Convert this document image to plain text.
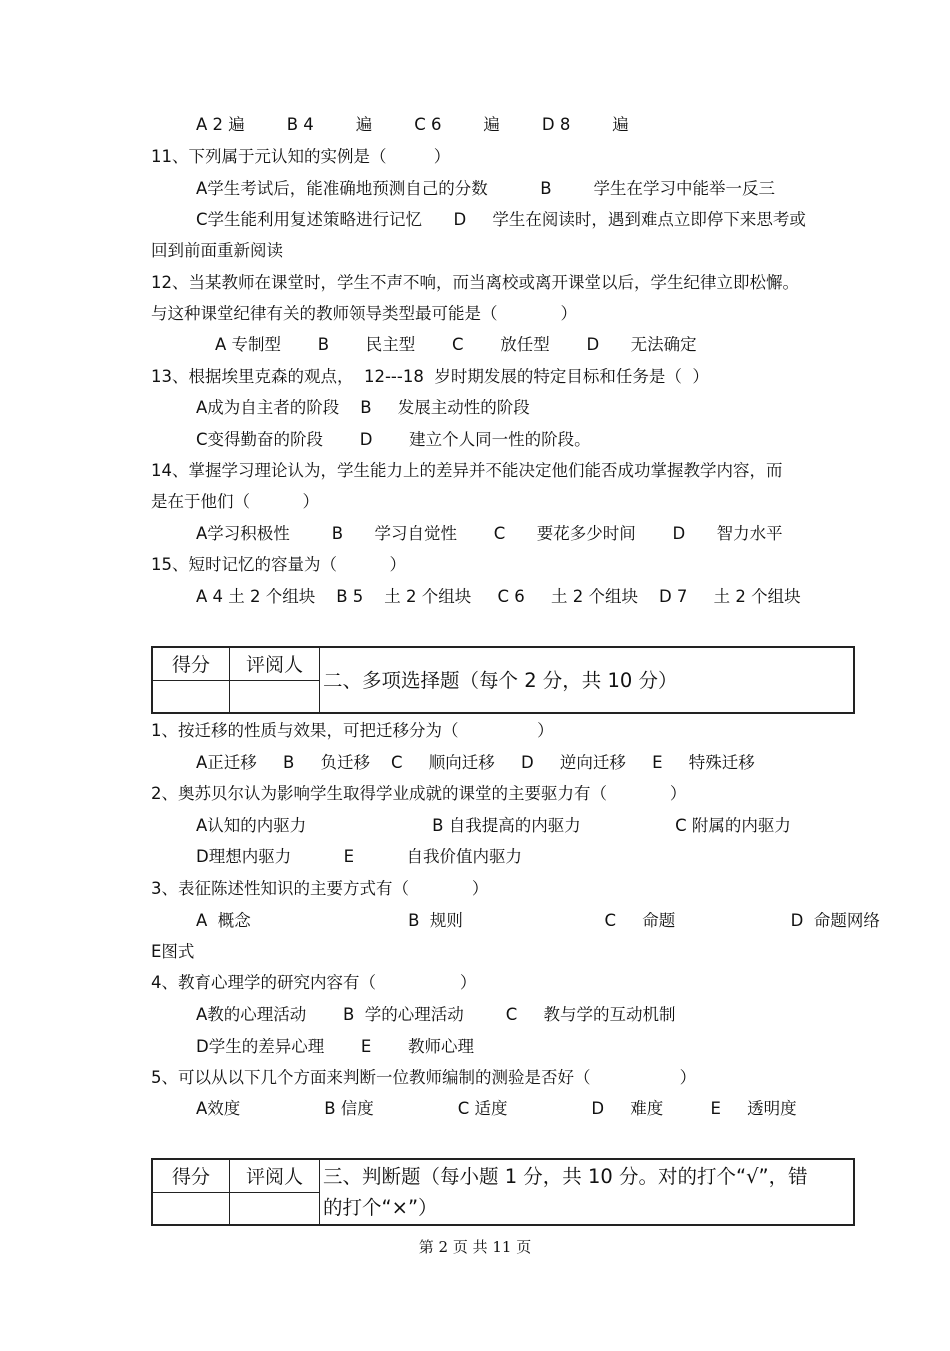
A 2 遍        B 4        遍        C 6        遍        D 8        遍
11、下列属于元认知的实例是（         ）
A学生考试后，能准确地预测自己的分数          B        学生在学习中能举一反三
C学生能利用复述策略进行记忆      D     学生在阅读时，遇到难点立即停下来思考或
回到前面重新阅读
12、当某教师在课堂时，学生不声不响，而当离校或离开课堂以后，学生纪律立即松懈。
与这种课堂纪律有关的教师领导类型最可能是（            ）
A 专制型       B       民主型       C       放任型       D      无法确定
13、根据埃里克森的观点，  12---18  岁时期发展的特定目标和任务是（  ）
A成为自主者的阶段    B     发展主动性的阶段
C变得勤奋的阶段       D       建立个人同一性的阶段。
14、掌握学习理论认为，学生能力上的差异并不能决定他们能否成功掌握教学内容，而
是在于他们（          ）
A学习积极性        B      学习自觉性       C      要花多少时间       D      智力水平
15、短时记忆的容量为（          ）
A 4 土 2 个组块    B 5    土 2 个组块     C 6     土 2 个组块    D 7     土 2 个组块
得分	评阅人	二、多项选择题（每个 2 分，共 10 分）

1、按迁移的性质与效果，可把迁移分为（               ）
A正迁移     B     负迁移    C     顺向迁移     D     逆向迁移     E     特殊迁移
2、奥苏贝尔认为影响学生取得学业成就的课堂的主要驱力有（            ）
A认知的内驱力                        B 自我提高的内驱力                  C 附属的内驱力
D理想内驱力          E          自我价值内驱力
3、表征陈述性知识的主要方式有（            ）
A  概念                              B  规则                           C     命题                      D  命题网络
E图式
4、教育心理学的研究内容有（                ）
A教的心理活动       B  学的心理活动        C     教与学的互动机制
D学生的差异心理       E       教师心理
5、可以从以下几个方面来判断一位教师编制的测验是否好（                 ）
A效度                B 信度                C 适度                D     难度         E     透明度
得分	评阅人	三、判断题（每小题 1 分，共 10 分。对的打个“√”，错
的打个“×”）

第 2 页 共 11 页
